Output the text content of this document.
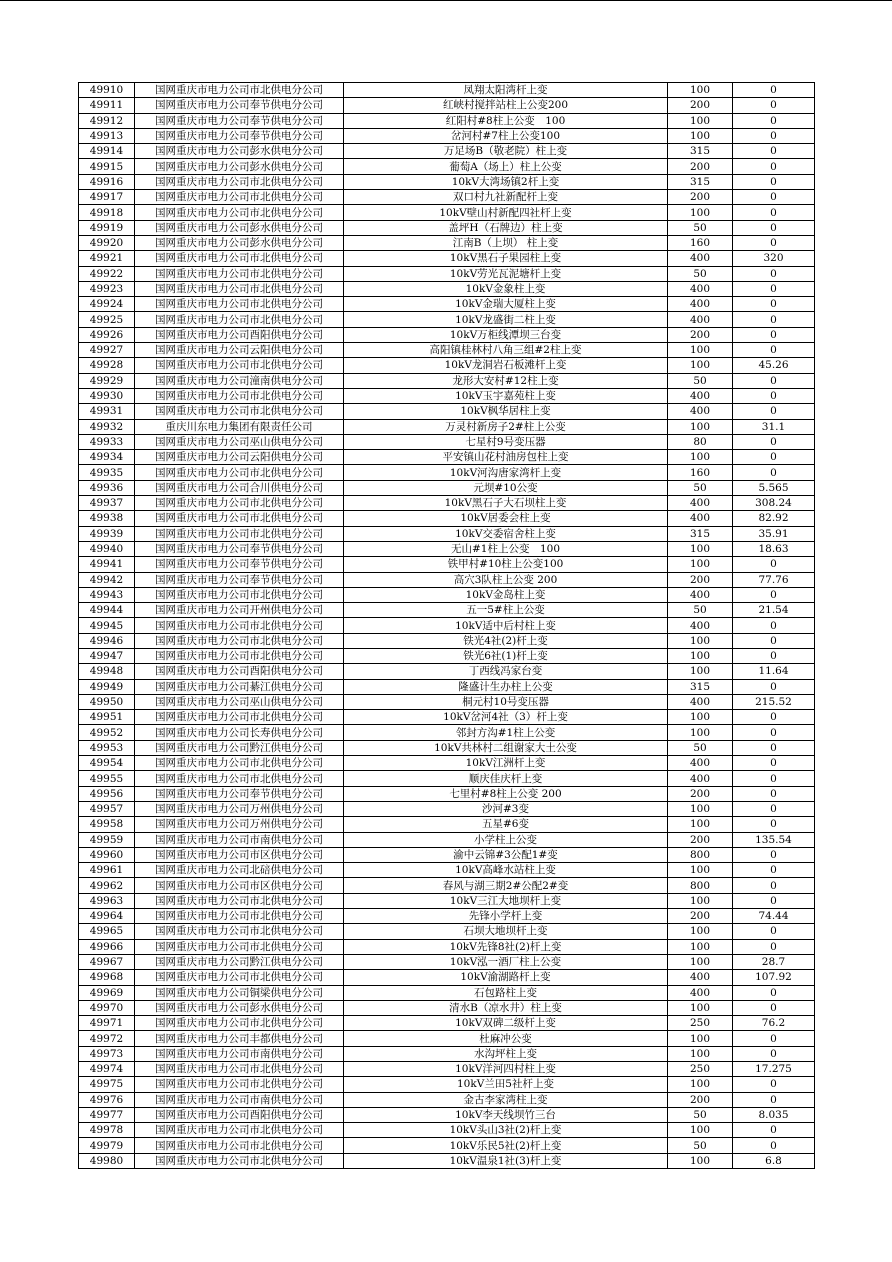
49910	国网重庆市电力公司市北供电分公司	凤翔太阳湾杆上变	100	0
49911	国网重庆市电力公司奉节供电分公司	红峡村搅拌站柱上公变200	200	0
49912	国网重庆市电力公司奉节供电分公司	红阳村#8柱上公变　100	100	0
49913	国网重庆市电力公司奉节供电分公司	岔河村#7柱上公变100	100	0
49914	国网重庆市电力公司彭水供电分公司	万足场B（敬老院）柱上变	315	0
49915	国网重庆市电力公司彭水供电分公司	葡萄A（场上）柱上公变	200	0
49916	国网重庆市电力公司市北供电分公司	10kV大湾场镇2杆上变	315	0
49917	国网重庆市电力公司市北供电分公司	双口村九社新配杆上变	200	0
49918	国网重庆市电力公司市北供电分公司	10kV壁山村新配四社杆上变	100	0
49919	国网重庆市电力公司彭水供电分公司	盖坪H（石牌边）柱上变	50	0
49920	国网重庆市电力公司彭水供电分公司	江南B（上坝） 柱上变	160	0
49921	国网重庆市电力公司市北供电分公司	10kV黑石子果园柱上变	400	320
49922	国网重庆市电力公司市北供电分公司	10kV劳光瓦泥塘杆上变	50	0
49923	国网重庆市电力公司市北供电分公司	10kV金象柱上变	400	0
49924	国网重庆市电力公司市北供电分公司	10kV金瑞大厦柱上变	400	0
49925	国网重庆市电力公司市北供电分公司	10kV龙盛街二柱上变	400	0
49926	国网重庆市电力公司酉阳供电分公司	10kV万柜线潭坝三台变	200	0
49927	国网重庆市电力公司云阳供电分公司	高阳镇桂林村八角三组#2柱上变	100	0
49928	国网重庆市电力公司市北供电分公司	10kV龙洞岩石板滩杆上变	100	45.26
49929	国网重庆市电力公司潼南供电分公司	龙形大安村#12柱上变	50	0
49930	国网重庆市电力公司市北供电分公司	10kV玉宇嘉苑柱上变	400	0
49931	国网重庆市电力公司市北供电分公司	10kV枫华居柱上变	400	0
49932	重庆川东电力集团有限责任公司	万灵村新房子2#柱上公变	100	31.1
49933	国网重庆市电力公司巫山供电分公司	七星村9号变压器	80	0
49934	国网重庆市电力公司云阳供电分公司	平安镇山花村油房包柱上变	100	0
49935	国网重庆市电力公司市北供电分公司	10kV河沟唐家湾杆上变	160	0
49936	国网重庆市电力公司合川供电分公司	元坝#10公变	50	5.565
49937	国网重庆市电力公司市北供电分公司	10kV黑石子大石坝柱上变	400	308.24
49938	国网重庆市电力公司市北供电分公司	10kV居委会柱上变	400	82.92
49939	国网重庆市电力公司市北供电分公司	10kV交委宿舍柱上变	315	35.91
49940	国网重庆市电力公司奉节供电分公司	无山#1柱上公变　100	100	18.63
49941	国网重庆市电力公司奉节供电分公司	铁甲村#10柱上公变100	100	0
49942	国网重庆市电力公司奉节供电分公司	高穴3队柱上公变 200	200	77.76
49943	国网重庆市电力公司市北供电分公司	10kV金岛柱上变	400	0
49944	国网重庆市电力公司开州供电分公司	五一5#柱上公变	50	21.54
49945	国网重庆市电力公司市北供电分公司	10kV适中后村柱上变	400	0
49946	国网重庆市电力公司市北供电分公司	铁光4社(2)杆上变	100	0
49947	国网重庆市电力公司市北供电分公司	铁光6社(1)杆上变	100	0
49948	国网重庆市电力公司酉阳供电分公司	丁西线冯家台变	100	11.64
49949	国网重庆市电力公司綦江供电分公司	隆盛计生办柱上公变	315	0
49950	国网重庆市电力公司巫山供电分公司	桐元村10号变压器	400	215.52
49951	国网重庆市电力公司市北供电分公司	10kV岔河4社（3）杆上变	100	0
49952	国网重庆市电力公司长寿供电分公司	邻封方沟#1柱上公变	100	0
49953	国网重庆市电力公司黔江供电分公司	10kV共林村二组谢家大土公变	50	0
49954	国网重庆市电力公司市北供电分公司	10kV江洲杆上变	400	0
49955	国网重庆市电力公司市北供电分公司	顺庆佳庆杆上变	400	0
49956	国网重庆市电力公司奉节供电分公司	七里村#8柱上公变 200	200	0
49957	国网重庆市电力公司万州供电分公司	沙河#3变	100	0
49958	国网重庆市电力公司万州供电分公司	五星#6变	100	0
49959	国网重庆市电力公司市南供电分公司	小学柱上公变	200	135.54
49960	国网重庆市电力公司市区供电分公司	渝中云锦#3公配1#变	800	0
49961	国网重庆市电力公司北碚供电分公司	10kV高峰水站柱上变	100	0
49962	国网重庆市电力公司市区供电分公司	春风与湖三期2#公配2#变	800	0
49963	国网重庆市电力公司市北供电分公司	10kV三江大地坝杆上变	100	0
49964	国网重庆市电力公司市北供电分公司	先锋小学杆上变	200	74.44
49965	国网重庆市电力公司市北供电分公司	石坝大地坝杆上变	100	0
49966	国网重庆市电力公司市北供电分公司	10kV先锋8社(2)杆上变	100	0
49967	国网重庆市电力公司黔江供电分公司	10kV泓一酒厂柱上公变	100	28.7
49968	国网重庆市电力公司市北供电分公司	10kV渝湖路杆上变	400	107.92
49969	国网重庆市电力公司铜梁供电分公司	石包路柱上变	400	0
49970	国网重庆市电力公司彭水供电分公司	清水B（凉水井）柱上变	100	0
49971	国网重庆市电力公司市北供电分公司	10kV双碑二级杆上变	250	76.2
49972	国网重庆市电力公司丰都供电分公司	杜麻冲公变	100	0
49973	国网重庆市电力公司市南供电分公司	水沟坪柱上变	100	0
49974	国网重庆市电力公司市北供电分公司	10kV洋河四村柱上变	250	17.275
49975	国网重庆市电力公司市北供电分公司	10kV兰田5社杆上变	100	0
49976	国网重庆市电力公司市南供电分公司	金古李家湾柱上变	200	0
49977	国网重庆市电力公司酉阳供电分公司	10kV李天线坝竹三台	50	8.035
49978	国网重庆市电力公司市北供电分公司	10kV头山3社(2)杆上变	100	0
49979	国网重庆市电力公司市北供电分公司	10kV乐民5社(2)杆上变	50	0
49980	国网重庆市电力公司市北供电分公司	10kV温泉1社(3)杆上变	100	6.8
